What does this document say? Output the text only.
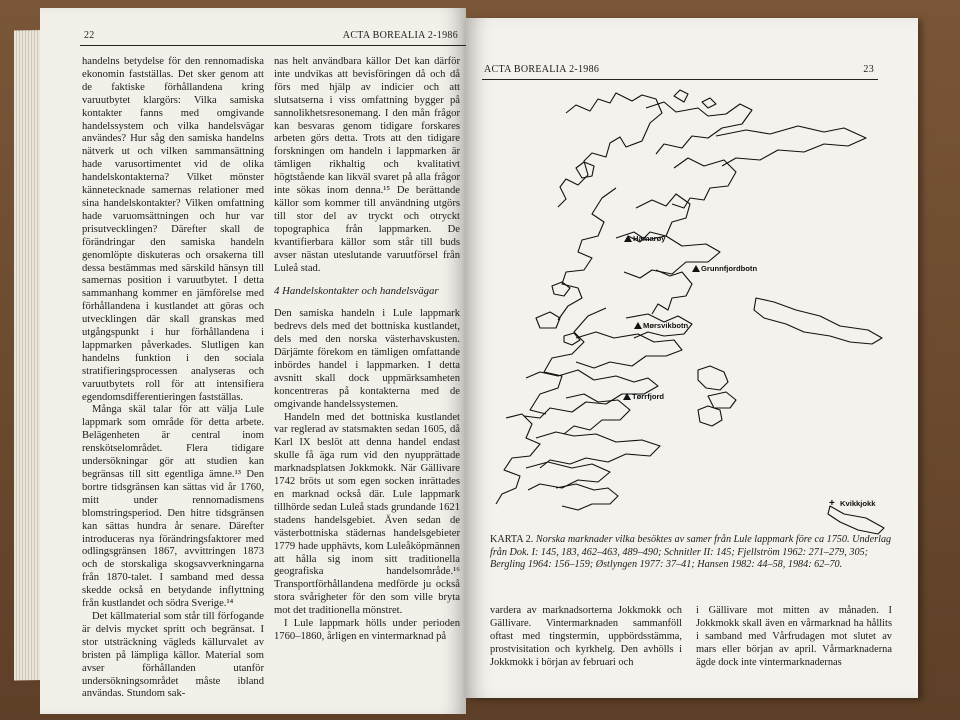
22	ACTA BOREALIA 2-1986

handelns betydelse för den rennomadiska ekonomin fastställas. Det sker genom att de faktiske förhållandena kring varuutbytet klargörs: Vilka samiska kontakter fanns med omgivande handelssystem och vilka handelsvägar användes? Hur såg den samiska handelns nätverk ut och vilken sammansättning hade varusortimentet vid de olika handelskontakterna? Vilket mönster kännetecknade samernas relationer med sina handelskontakter? Vilken omfattning hade varuomsättningen och hur var prisutvecklingen? Därefter skall de förändringar den samiska handeln genomlöpte diskuteras och orsakerna till dessa bestämmas med särskild hänsyn till samernas position i varuutbytet. I detta sammanhang kommer en jämförelse med förhållandena i kustlandet att göras och utvecklingen där skall granskas med utgångspunkt i hur förhållandena i lappmarken påverkades. Slutligen kan handelns funktion i den sociala stratifieringsprocessen analyseras och varuutbytets roll för att intensifiera egendomsdifferentieringen fastställas.

Många skäl talar för att välja Lule lappmark som område för detta arbete. Belägenheten är central inom renskötselområdet. Flera tidigare undersökningar gör att studien kan begränsas till sitt egentliga ämne.¹³ Den bortre tidsgränsen kan sättas vid år 1760, mitt under rennomadismens blomstringsperiod. Den hitre tidsgränsen kan sättas hundra år senare. Därefter introduceras nya förändringsfaktorer med odlingsgränsen 1867, avvittringen 1873 och de storskaliga skogsavverkningarna från 1870-talet. I samband med dessa skedde också en betydande inflyttning från kustlandet och södra Sverige.¹⁴

Det källmaterial som står till förfogande är delvis mycket spritt och begränsat. I stor utsträckning vägleds källurvalet av bristen på lämpliga källor. Material som avser förhållanden utanför undersökningsområdet måste ibland användas. Stundom sak-

nas helt användbara källor Det kan därför inte undvikas att bevisföringen då och då förs med hjälp av indicier och att slutsatserna i viss omfattning bygger på sannolikhetsresonemang. I den mån frågor kan besvaras genom tidigare forskares arbeten görs detta. Trots att den tidigare forskningen om handeln i lappmarken är tämligen rikhaltig och kvalitativt högtstående kan likväl svaret på alla frågor inte sökas inom denna.¹⁵ De berättande källor som kommer till användning utgörs till stor del av tryckt och otryckt topographica från lappmarken. De kvantifierbara källor som står till buds avser nästan uteslutande varuutförsel från Luleå stad.

4 Handelskontakter och handelsvägar

Den samiska handeln i Lule lappmark bedrevs dels med det bottniska kustlandet, dels med den norska västerhavskusten. Därjämte förekom en tämligen omfattande inbördes handel i lappmarken. I detta avsnitt skall dock uppmärksamheten koncentreras på kontakterna med de omgivande handelssystemen.

Handeln med det bottniska kustlandet var reglerad av statsmakten sedan 1605, då Karl IX beslöt att denna handel endast skulle få äga rum vid den nyupprättade marknadsplatsen Jokkmokk. När Gällivare 1742 bröts ut som egen socken inrättades en marknad också där. Lule lappmark tillhörde sedan Luleå stads grundande 1621 stadens handelsgebiet. Även sedan de västerbottniska städernas handelsgebieter 1779 hade upphävts, kom Luleåköpmännen att hålla sig inom sitt traditionella geografiska handelsområde.¹⁶ Transportförhållandena medförde ju också stora svårigheter för den som ville bryta mot det traditionella mönstret.

I Lule lappmark hölls under perioden 1760–1860, årligen en vintermarknad på

ACTA BOREALIA 2-1986	23
+
Hamarøy
Grunnfjordbotn
Mørsvikbotn
Tørrfjord
Kvikkjokk
KARTA 2. Norska marknader vilka besöktes av samer från Lule lappmark före ca 1750. Underlag från Dok. I: 145, 183, 462–463, 489–490; Schnitler II: 145; Fjellström 1962: 271–279, 305; Bergling 1964: 156–159; Østlyngen 1977: 37–41; Hansen 1982: 44–58, 1984: 62–70.
vardera av marknadsorterna Jokkmokk och Gällivare. Vintermarknaden sammanföll oftast med tingstermin, uppbördsstämma, prostvisitation och kyrkhelg. Den avhölls i Jokkmokk i början av februari och
i Gällivare mot mitten av månaden. I Jokkmokk skall även en vårmarknad ha hållits i samband med Vårfrudagen mot slutet av mars eller början av april. Vårmarknaderna ägde dock inte vintermarknadernas
